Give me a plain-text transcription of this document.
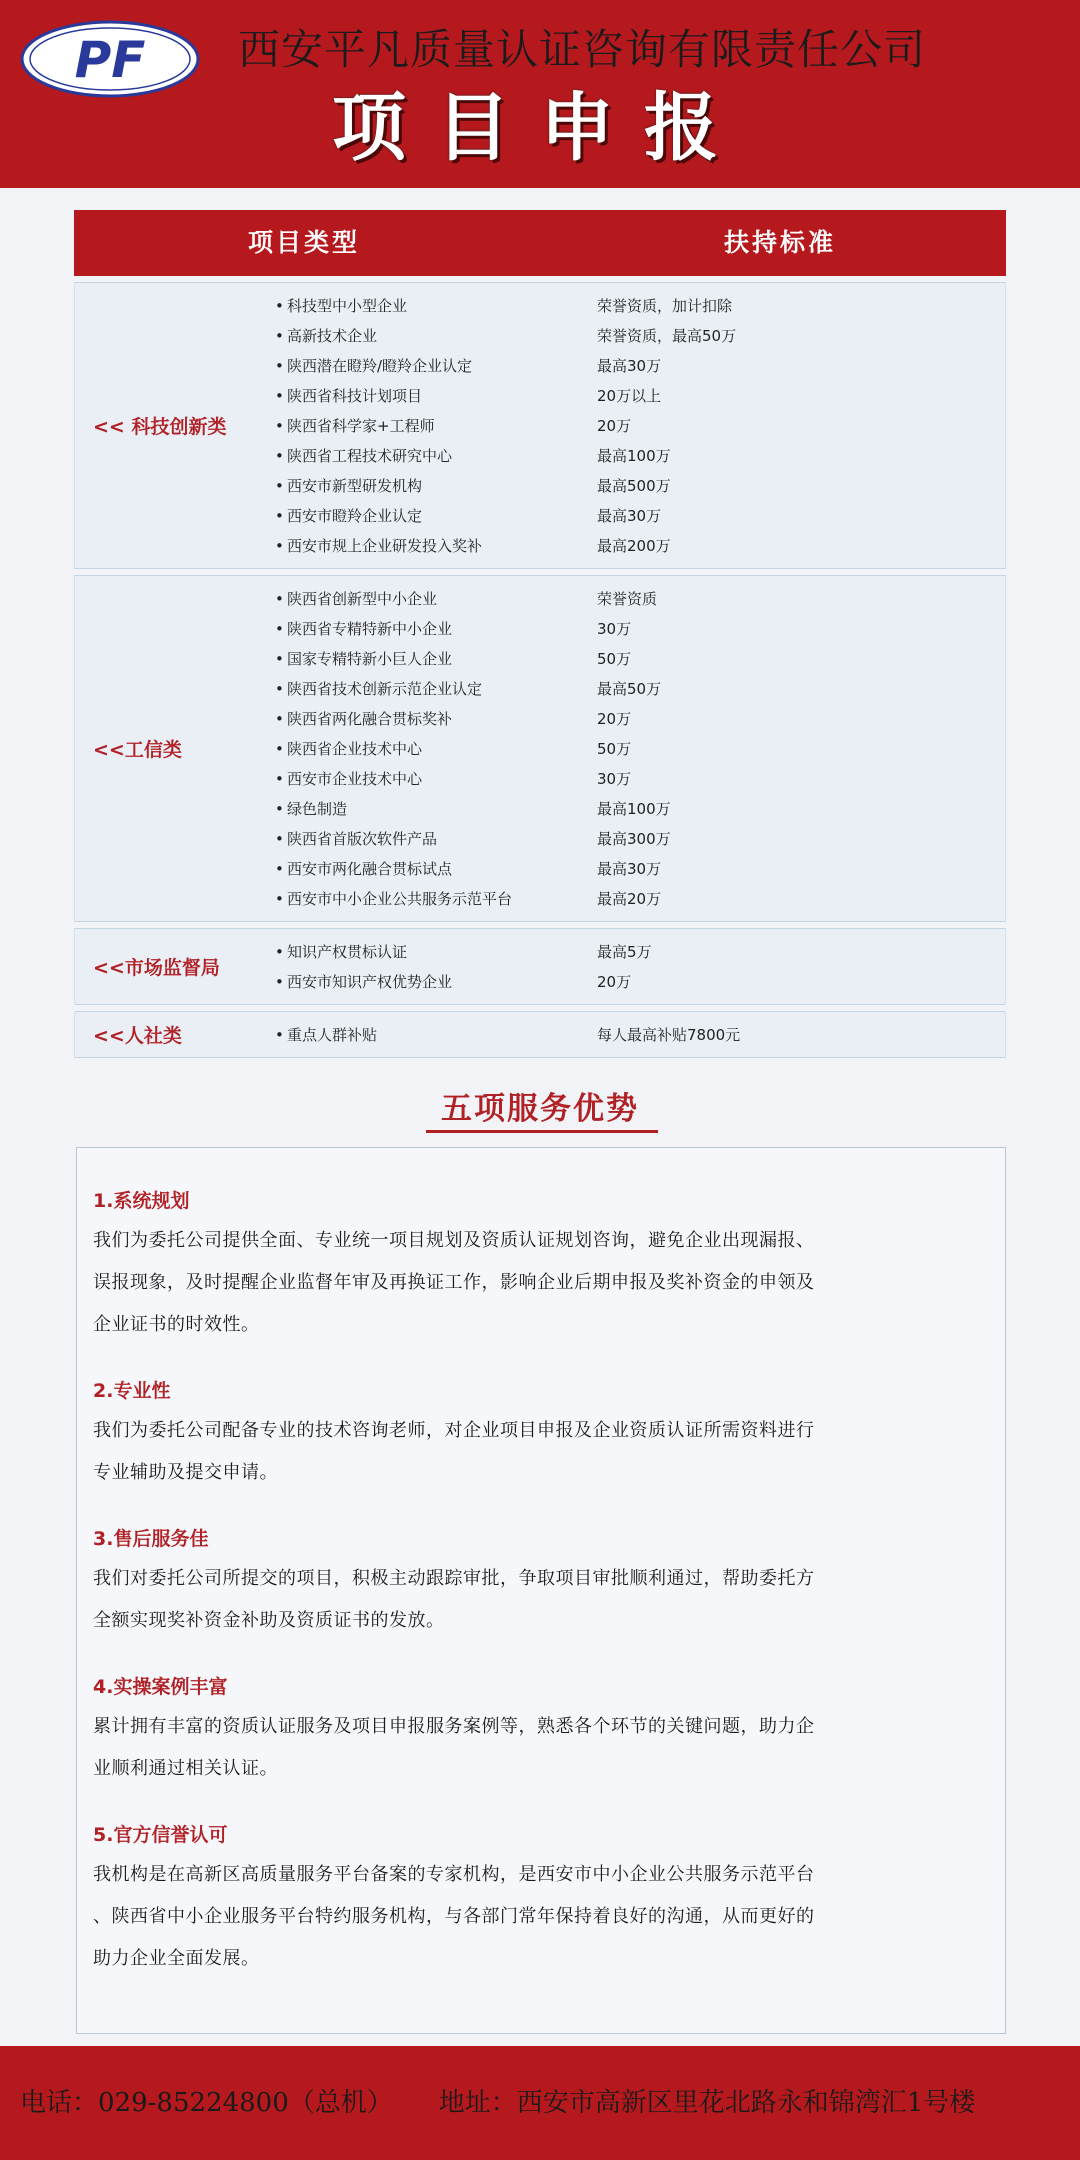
PF 西安平凡质量认证咨询有限责任公司
项目申报
项目类型	扶持标准
<< 科技创新类
• 科技型中小型企业	荣誉资质，加计扣除
• 高新技术企业	荣誉资质，最高50万
• 陕西潜在瞪羚/瞪羚企业认定	最高30万
• 陕西省科技计划项目	20万以上
• 陕西省科学家+工程师	20万
• 陕西省工程技术研究中心	最高100万
• 西安市新型研发机构	最高500万
• 西安市瞪羚企业认定	最高30万
• 西安市规上企业研发投入奖补	最高200万
<<工信类
• 陕西省创新型中小企业	荣誉资质
• 陕西省专精特新中小企业	30万
• 国家专精特新小巨人企业	50万
• 陕西省技术创新示范企业认定	最高50万
• 陕西省两化融合贯标奖补	20万
• 陕西省企业技术中心	50万
• 西安市企业技术中心	30万
• 绿色制造	最高100万
• 陕西省首版次软件产品	最高300万
• 西安市两化融合贯标试点	最高30万
• 西安市中小企业公共服务示范平台	最高20万
<<市场监督局
• 知识产权贯标认证	最高5万
• 西安市知识产权优势企业	20万
<<人社类	• 重点人群补贴	每人最高补贴7800元
五项服务优势
1.系统规划
我们为委托公司提供全面、专业统一项目规划及资质认证规划咨询，避免企业出现漏报、
误报现象，及时提醒企业监督年审及再换证工作，影响企业后期申报及奖补资金的申领及
企业证书的时效性。
2.专业性
我们为委托公司配备专业的技术咨询老师，对企业项目申报及企业资质认证所需资料进行
专业辅助及提交申请。
3.售后服务佳
我们对委托公司所提交的项目，积极主动跟踪审批，争取项目审批顺利通过，帮助委托方
全额实现奖补资金补助及资质证书的发放。
4.实操案例丰富
累计拥有丰富的资质认证服务及项目申报服务案例等，熟悉各个环节的关键问题，助力企
业顺利通过相关认证。
5.官方信誉认可
我机构是在高新区高质量服务平台备案的专家机构，是西安市中小企业公共服务示范平台
、陕西省中小企业服务平台特约服务机构，与各部门常年保持着良好的沟通，从而更好的
助力企业全面发展。
电话：029-85224800（总机） 地址：西安市高新区里花北路永和锦湾汇1号楼
